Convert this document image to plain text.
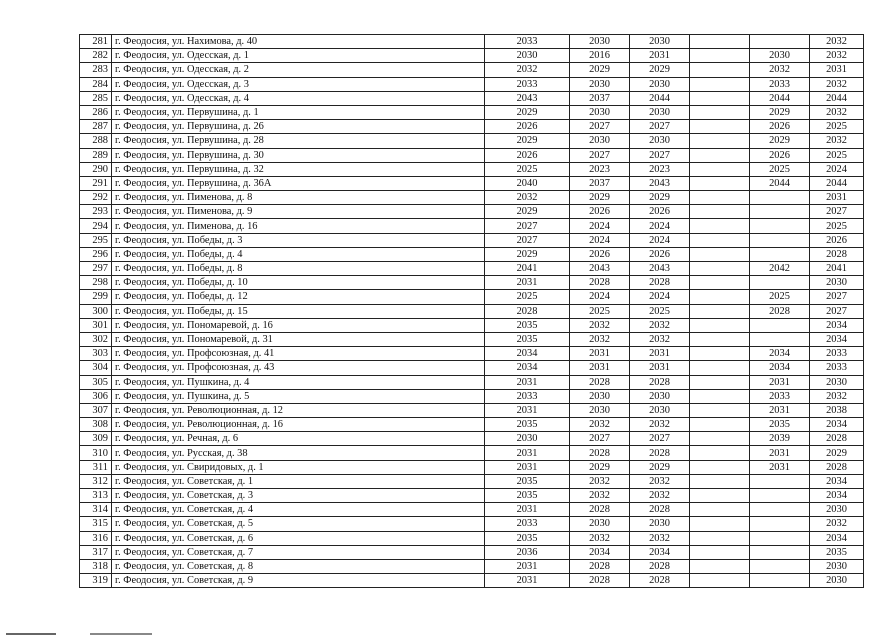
281	г. Феодосия, ул. Нахимова, д. 40	2033	2030	2030			2032
282	г. Феодосия, ул. Одесская, д. 1	2030	2016	2031		2030	2032
283	г. Феодосия, ул. Одесская, д. 2	2032	2029	2029		2032	2031
284	г. Феодосия, ул. Одесская, д. 3	2033	2030	2030		2033	2032
285	г. Феодосия, ул. Одесская, д. 4	2043	2037	2044		2044	2044
286	г. Феодосия, ул. Первушина, д. 1	2029	2030	2030		2029	2032
287	г. Феодосия, ул. Первушина, д. 26	2026	2027	2027		2026	2025
288	г. Феодосия, ул. Первушина, д. 28	2029	2030	2030		2029	2032
289	г. Феодосия, ул. Первушина, д. 30	2026	2027	2027		2026	2025
290	г. Феодосия, ул. Первушина, д. 32	2025	2023	2023		2025	2024
291	г. Феодосия, ул. Первушина, д. 36А	2040	2037	2043		2044	2044
292	г. Феодосия, ул. Пименова, д. 8	2032	2029	2029			2031
293	г. Феодосия, ул. Пименова, д. 9	2029	2026	2026			2027
294	г. Феодосия, ул. Пименова, д. 16	2027	2024	2024			2025
295	г. Феодосия, ул. Победы, д. 3	2027	2024	2024			2026
296	г. Феодосия, ул. Победы, д. 4	2029	2026	2026			2028
297	г. Феодосия, ул. Победы, д. 8	2041	2043	2043		2042	2041
298	г. Феодосия, ул. Победы, д. 10	2031	2028	2028			2030
299	г. Феодосия, ул. Победы, д. 12	2025	2024	2024		2025	2027
300	г. Феодосия, ул. Победы, д. 15	2028	2025	2025		2028	2027
301	г. Феодосия, ул. Пономаревой, д. 16	2035	2032	2032			2034
302	г. Феодосия, ул. Пономаревой, д. 31	2035	2032	2032			2034
303	г. Феодосия, ул. Профсоюзная, д. 41	2034	2031	2031		2034	2033
304	г. Феодосия, ул. Профсоюзная, д. 43	2034	2031	2031		2034	2033
305	г. Феодосия, ул. Пушкина, д. 4	2031	2028	2028		2031	2030
306	г. Феодосия, ул. Пушкина, д. 5	2033	2030	2030		2033	2032
307	г. Феодосия, ул. Революционная, д. 12	2031	2030	2030		2031	2038
308	г. Феодосия, ул. Революционная, д. 16	2035	2032	2032		2035	2034
309	г. Феодосия, ул. Речная, д. 6	2030	2027	2027		2039	2028
310	г. Феодосия, ул. Русская, д. 38	2031	2028	2028		2031	2029
311	г. Феодосия, ул. Свиридовых, д. 1	2031	2029	2029		2031	2028
312	г. Феодосия, ул. Советская, д. 1	2035	2032	2032			2034
313	г. Феодосия, ул. Советская, д. 3	2035	2032	2032			2034
314	г. Феодосия, ул. Советская, д. 4	2031	2028	2028			2030
315	г. Феодосия, ул. Советская, д. 5	2033	2030	2030			2032
316	г. Феодосия, ул. Советская, д. 6	2035	2032	2032			2034
317	г. Феодосия, ул. Советская, д. 7	2036	2034	2034			2035
318	г. Феодосия, ул. Советская, д. 8	2031	2028	2028			2030
319	г. Феодосия, ул. Советская, д. 9	2031	2028	2028			2030
